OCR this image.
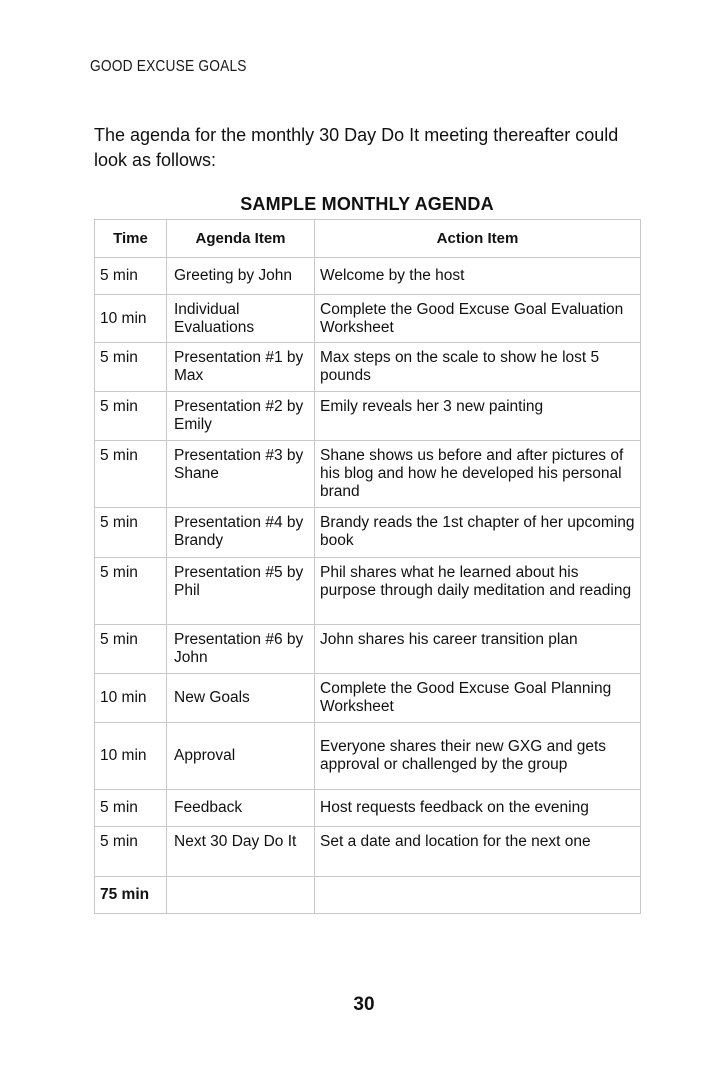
GOOD EXCUSE GOALS
The agenda for the monthly 30 Day Do It meeting thereafter could look as follows:
SAMPLE MONTHLY AGENDA
Time	Agenda Item	Action Item
5 min	Greeting by John	Welcome by the host
10 min	Individual Evaluations	Complete the Good Excuse Goal Evaluation Worksheet
5 min	Presentation #1 by Max	Max steps on the scale to show he lost 5 pounds
5 min	Presentation #2 by Emily	Emily reveals her 3 new painting
5 min	Presentation #3 by Shane	Shane shows us before and after pictures of his blog and how he developed his personal brand
5 min	Presentation #4 by Brandy	Brandy reads the 1st chapter of her upcoming book
5 min	Presentation #5 by Phil	Phil shares what he learned about his purpose through daily meditation and reading
5 min	Presentation #6 by John	John shares his career transition plan
10 min	New Goals	Complete the Good Excuse Goal Planning Worksheet
10 min	Approval	Everyone shares their new GXG and gets approval or challenged by the group
5 min	Feedback	Host requests feedback on the evening
5 min	Next 30 Day Do It	Set a date and location for the next one
75 min		
30
